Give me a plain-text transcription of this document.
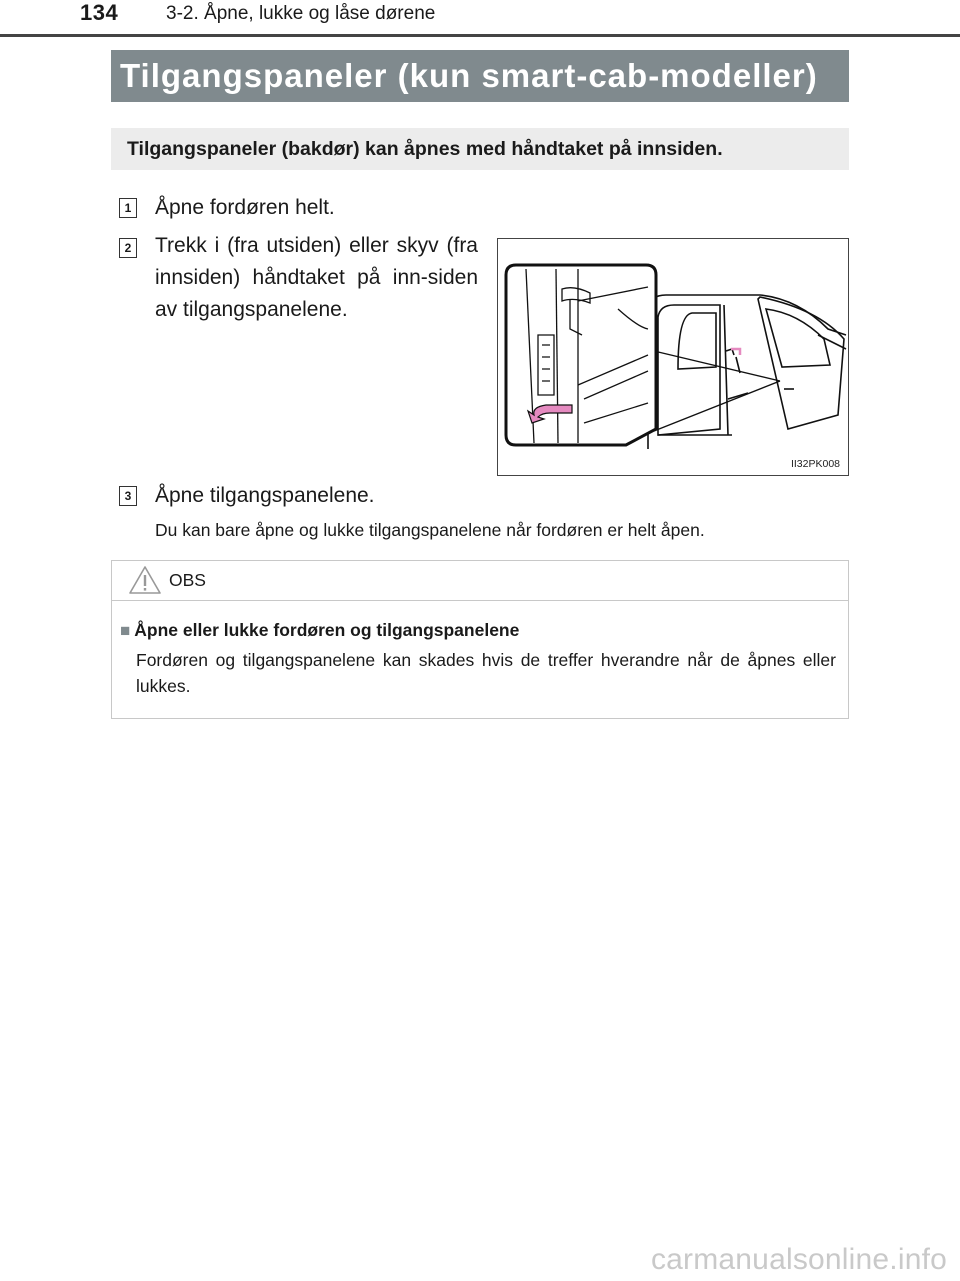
134	3-2. Åpne, lukke og låse dørene
Tilgangspaneler (kun smart-cab-modeller)
Tilgangspaneler (bakdør) kan åpnes med håndtaket på innsiden.
1 Åpne fordøren helt.
2 Trekk i (fra utsiden) eller skyv (fra innsiden) håndtaket på inn-siden av tilgangspanelene.
3 Åpne tilgangspanelene.
Du kan bare åpne og lukke tilgangspanelene når fordøren er helt åpen.
II32PK008
OBS
■ Åpne eller lukke fordøren og tilgangspanelene
Fordøren og tilgangspanelene kan skades hvis de treffer hverandre når de åpnes eller lukkes.
carmanualsonline.info
